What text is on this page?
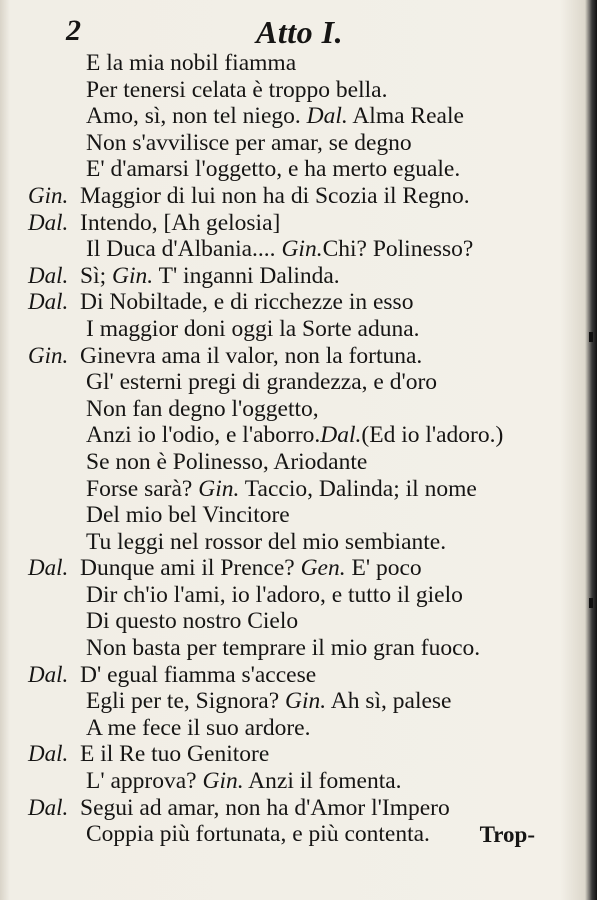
2	Atto I.
E la mia nobil fiamma
Per tenersi celata è troppo bella.
Amo, sì, non tel niego. Dal. Alma Reale
Non s'avvilisce per amar, se degno
E' d'amarsi l'oggetto, e ha merto eguale.
Gin. Maggior di lui non ha di Scozia il Regno.
Dal. Intendo, [Ah gelosia]
Il Duca d'Albania.... Gin.Chi? Polinesso?
Dal. Sì; Gin. T' inganni Dalinda.
Dal. Di Nobiltade, e di ricchezze in esso
I maggior doni oggi la Sorte aduna.
Gin. Ginevra ama il valor, non la fortuna.
Gl' esterni pregi di grandezza, e d'oro
Non fan degno l'oggetto,
Anzi io l'odio, e l'aborro.Dal.(Ed io l'adoro.)
Se non è Polinesso, Ariodante
Forse sarà? Gin. Taccio, Dalinda; il nome
Del mio bel Vincitore
Tu leggi nel rossor del mio sembiante.
Dal. Dunque ami il Prence? Gen. E' poco
Dir ch'io l'ami, io l'adoro, e tutto il gielo
Di questo nostro Cielo
Non basta per temprare il mio gran fuoco.
Dal. D' egual fiamma s'accese
Egli per te, Signora? Gin. Ah sì, palese
A me fece il suo ardore.
Dal. E il Re tuo Genitore
L' approva? Gin. Anzi il fomenta.
Dal. Segui ad amar, non ha d'Amor l'Impero
Coppia più fortunata, e più contenta. Trop-
